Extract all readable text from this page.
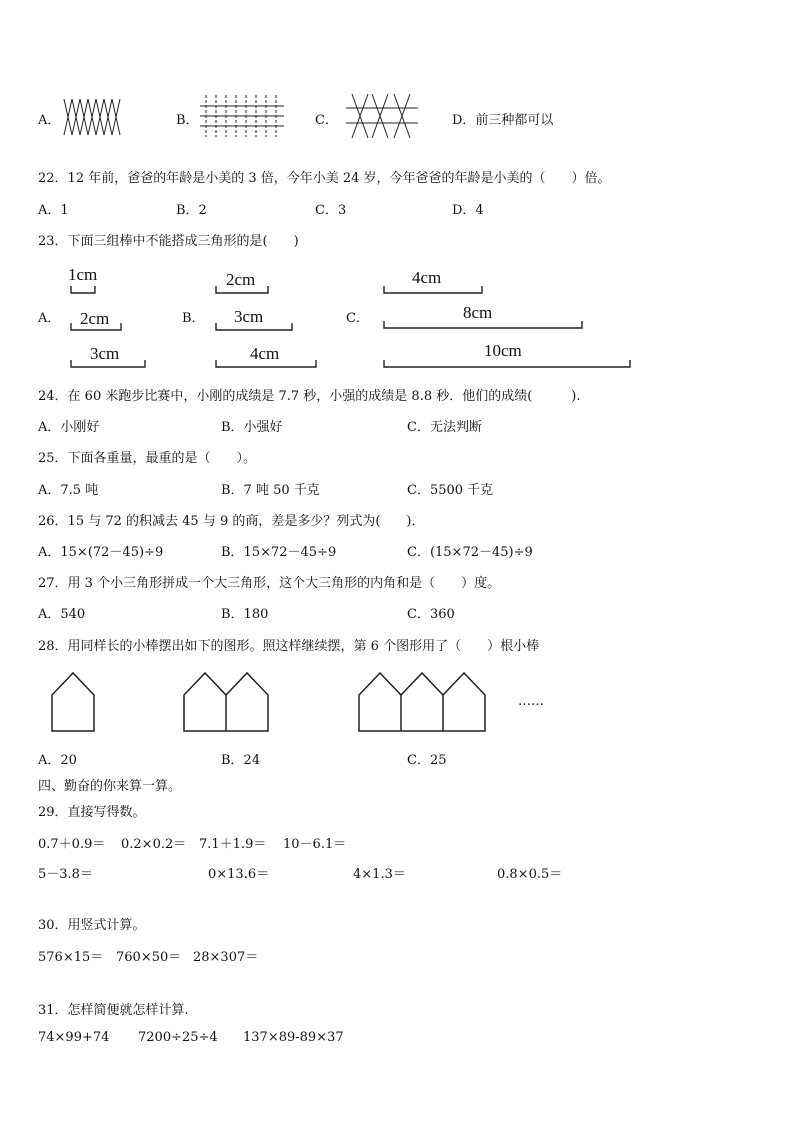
A．	B．	C．	D．前三种都可以
22．12 年前，爸爸的年龄是小美的 3 倍，今年小美 24 岁，今年爸爸的年龄是小美的（　　）倍。
A．1	B．2	C．3	D．4
23．下面三组棒中不能搭成三角形的是(　　)
A．
1cm
2cm
3cm
B．
2cm
3cm
4cm
C．
4cm
8cm
10cm
24．在 60 米跑步比赛中，小刚的成绩是 7.7 秒，小强的成绩是 8.8 秒．他们的成绩(　　　).
A．小刚好	B．小强好	C．无法判断
25．下面各重量，最重的是（　　）。
A．7.5 吨	B．7 吨 50 千克	C．5500 千克
26．15 与 72 的积减去 45 与 9 的商，差是多少？列式为(　　)．
A．15×(72－45)÷9	B．15×72－45÷9	C．(15×72－45)÷9
27．用 3 个小三角形拼成一个大三角形，这个大三角形的内角和是（　　）度。
A．540	B．180	C．360
28．用同样长的小棒摆出如下的图形。照这样继续摆，第 6 个图形用了（　　）根小棒
……
A．20	B．24	C．25
四、勤奋的你来算一算。
29．直接写得数。
0.7＋0.9＝ 0.2×0.2＝ 7.1＋1.9＝ 10－6.1＝
5－3.8＝	0×13.6＝	4×1.3＝	0.8×0.5＝
30．用竖式计算。
576×15＝ 760×50＝ 28×307＝
31．怎样简便就怎样计算.
74×99+74 7200÷25÷4 137×89-89×37
